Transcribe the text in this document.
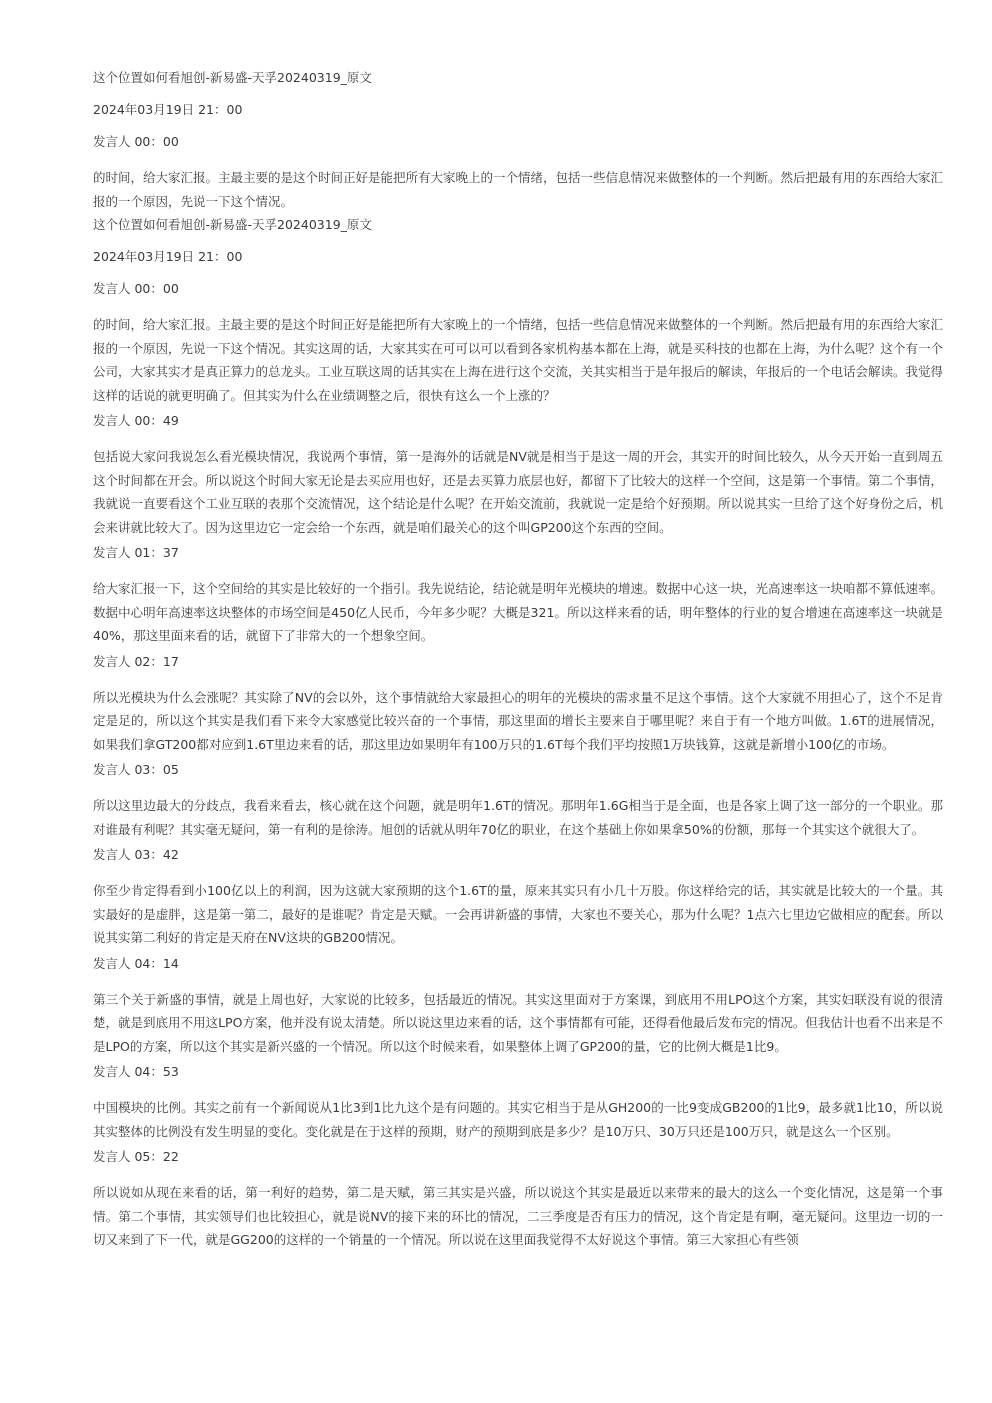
这个位置如何看旭创-新易盛-天孚20240319_原文
2024年03月19日 21：00
发言人 00：00
的时间，给大家汇报。主最主要的是这个时间正好是能把所有大家晚上的一个情绪，包括一些信息情况来做整体的一个判断。然后把最有用的东西给大家汇报的一个原因，先说一下这个情况。
这个位置如何看旭创-新易盛-天孚20240319_原文
2024年03月19日 21：00
发言人 00：00
的时间，给大家汇报。主最主要的是这个时间正好是能把所有大家晚上的一个情绪，包括一些信息情况来做整体的一个判断。然后把最有用的东西给大家汇报的一个原因，先说一下这个情况。其实这周的话，大家其实在可可以可以看到各家机构基本都在上海，就是买科技的也都在上海，为什么呢？这个有一个公司，大家其实才是真正算力的总龙头。工业互联这周的话其实在上海在进行这个交流，关其实相当于是年报后的解读，年报后的一个电话会解读。我觉得这样的话说的就更明确了。但其实为什么在业绩调整之后，很快有这么一个上涨的？
发言人 00：49
包括说大家问我说怎么看光模块情况，我说两个事情，第一是海外的话就是NV就是相当于是这一周的开会，其实开的时间比较久，从今天开始一直到周五这个时间都在开会。所以说这个时间大家无论是去买应用也好，还是去买算力底层也好，都留下了比较大的这样一个空间，这是第一个事情。第二个事情，我就说一直要看这个工业互联的表那个交流情况，这个结论是什么呢？在开始交流前，我就说一定是给个好预期。所以说其实一旦给了这个好身份之后，机会来讲就比较大了。因为这里边它一定会给一个东西，就是咱们最关心的这个叫GP200这个东西的空间。
发言人 01：37
给大家汇报一下，这个空间给的其实是比较好的一个指引。我先说结论，结论就是明年光模块的增速。数据中心这一块，光高速率这一块咱都不算低速率。数据中心明年高速率这块整体的市场空间是450亿人民币，今年多少呢？大概是321。所以这样来看的话，明年整体的行业的复合增速在高速率这一块就是40%，那这里面来看的话，就留下了非常大的一个想象空间。
发言人 02：17
所以光模块为什么会涨呢？其实除了NV的会以外，这个事情就给大家最担心的明年的光模块的需求量不足这个事情。这个大家就不用担心了，这个不足肯定是足的，所以这个其实是我们看下来令大家感觉比较兴奋的一个事情，那这里面的增长主要来自于哪里呢？来自于有一个地方叫做。1.6T的进展情况，如果我们拿GT200都对应到1.6T里边来看的话，那这里边如果明年有100万只的1.6T每个我们平均按照1万块钱算，这就是新增小100亿的市场。
发言人 03：05
所以这里边最大的分歧点，我看来看去，核心就在这个问题，就是明年1.6T的情况。那明年1.6G相当于是全面，也是各家上调了这一部分的一个职业。那对谁最有利呢？其实毫无疑问，第一有利的是徐涛。旭创的话就从明年70亿的职业，在这个基础上你如果拿50%的份额，那每一个其实这个就很大了。
发言人 03：42
你至少肯定得看到小100亿以上的利润，因为这就大家预期的这个1.6T的量，原来其实只有小几十万股。你这样给完的话，其实就是比较大的一个量。其实最好的是虚胖，这是第一第二，最好的是谁呢？肯定是天赋。一会再讲新盛的事情，大家也不要关心，那为什么呢？1点六七里边它做相应的配套。所以说其实第二利好的肯定是天府在NV这块的GB200情况。
发言人 04：14
第三个关于新盛的事情，就是上周也好，大家说的比较多，包括最近的情况。其实这里面对于方案课，到底用不用LPO这个方案，其实妇联没有说的很清楚，就是到底用不用这LPO方案，他并没有说太清楚。所以说这里边来看的话，这个事情都有可能，还得看他最后发布完的情况。但我估计也看不出来是不是LPO的方案，所以这个其实是新兴盛的一个情况。所以这个时候来看，如果整体上调了GP200的量，它的比例大概是1比9。
发言人 04：53
中国模块的比例。其实之前有一个新闻说从1比3到1比九这个是有问题的。其实它相当于是从GH200的一比9变成GB200的1比9，最多就1比10，所以说其实整体的比例没有发生明显的变化。变化就是在于这样的预期，财产的预期到底是多少？是10万只、30万只还是100万只，就是这么一个区别。
发言人 05：22
所以说如从现在来看的话，第一利好的趋势，第二是天赋，第三其实是兴盛，所以说这个其实是最近以来带来的最大的这么一个变化情况，这是第一个事情。第二个事情，其实领导们也比较担心，就是说NV的接下来的环比的情况，二三季度是否有压力的情况，这个肯定是有啊，毫无疑问。这里边一切的一切又来到了下一代，就是GG200的这样的一个销量的一个情况。所以说在这里面我觉得不太好说这个事情。第三大家担心有些领
